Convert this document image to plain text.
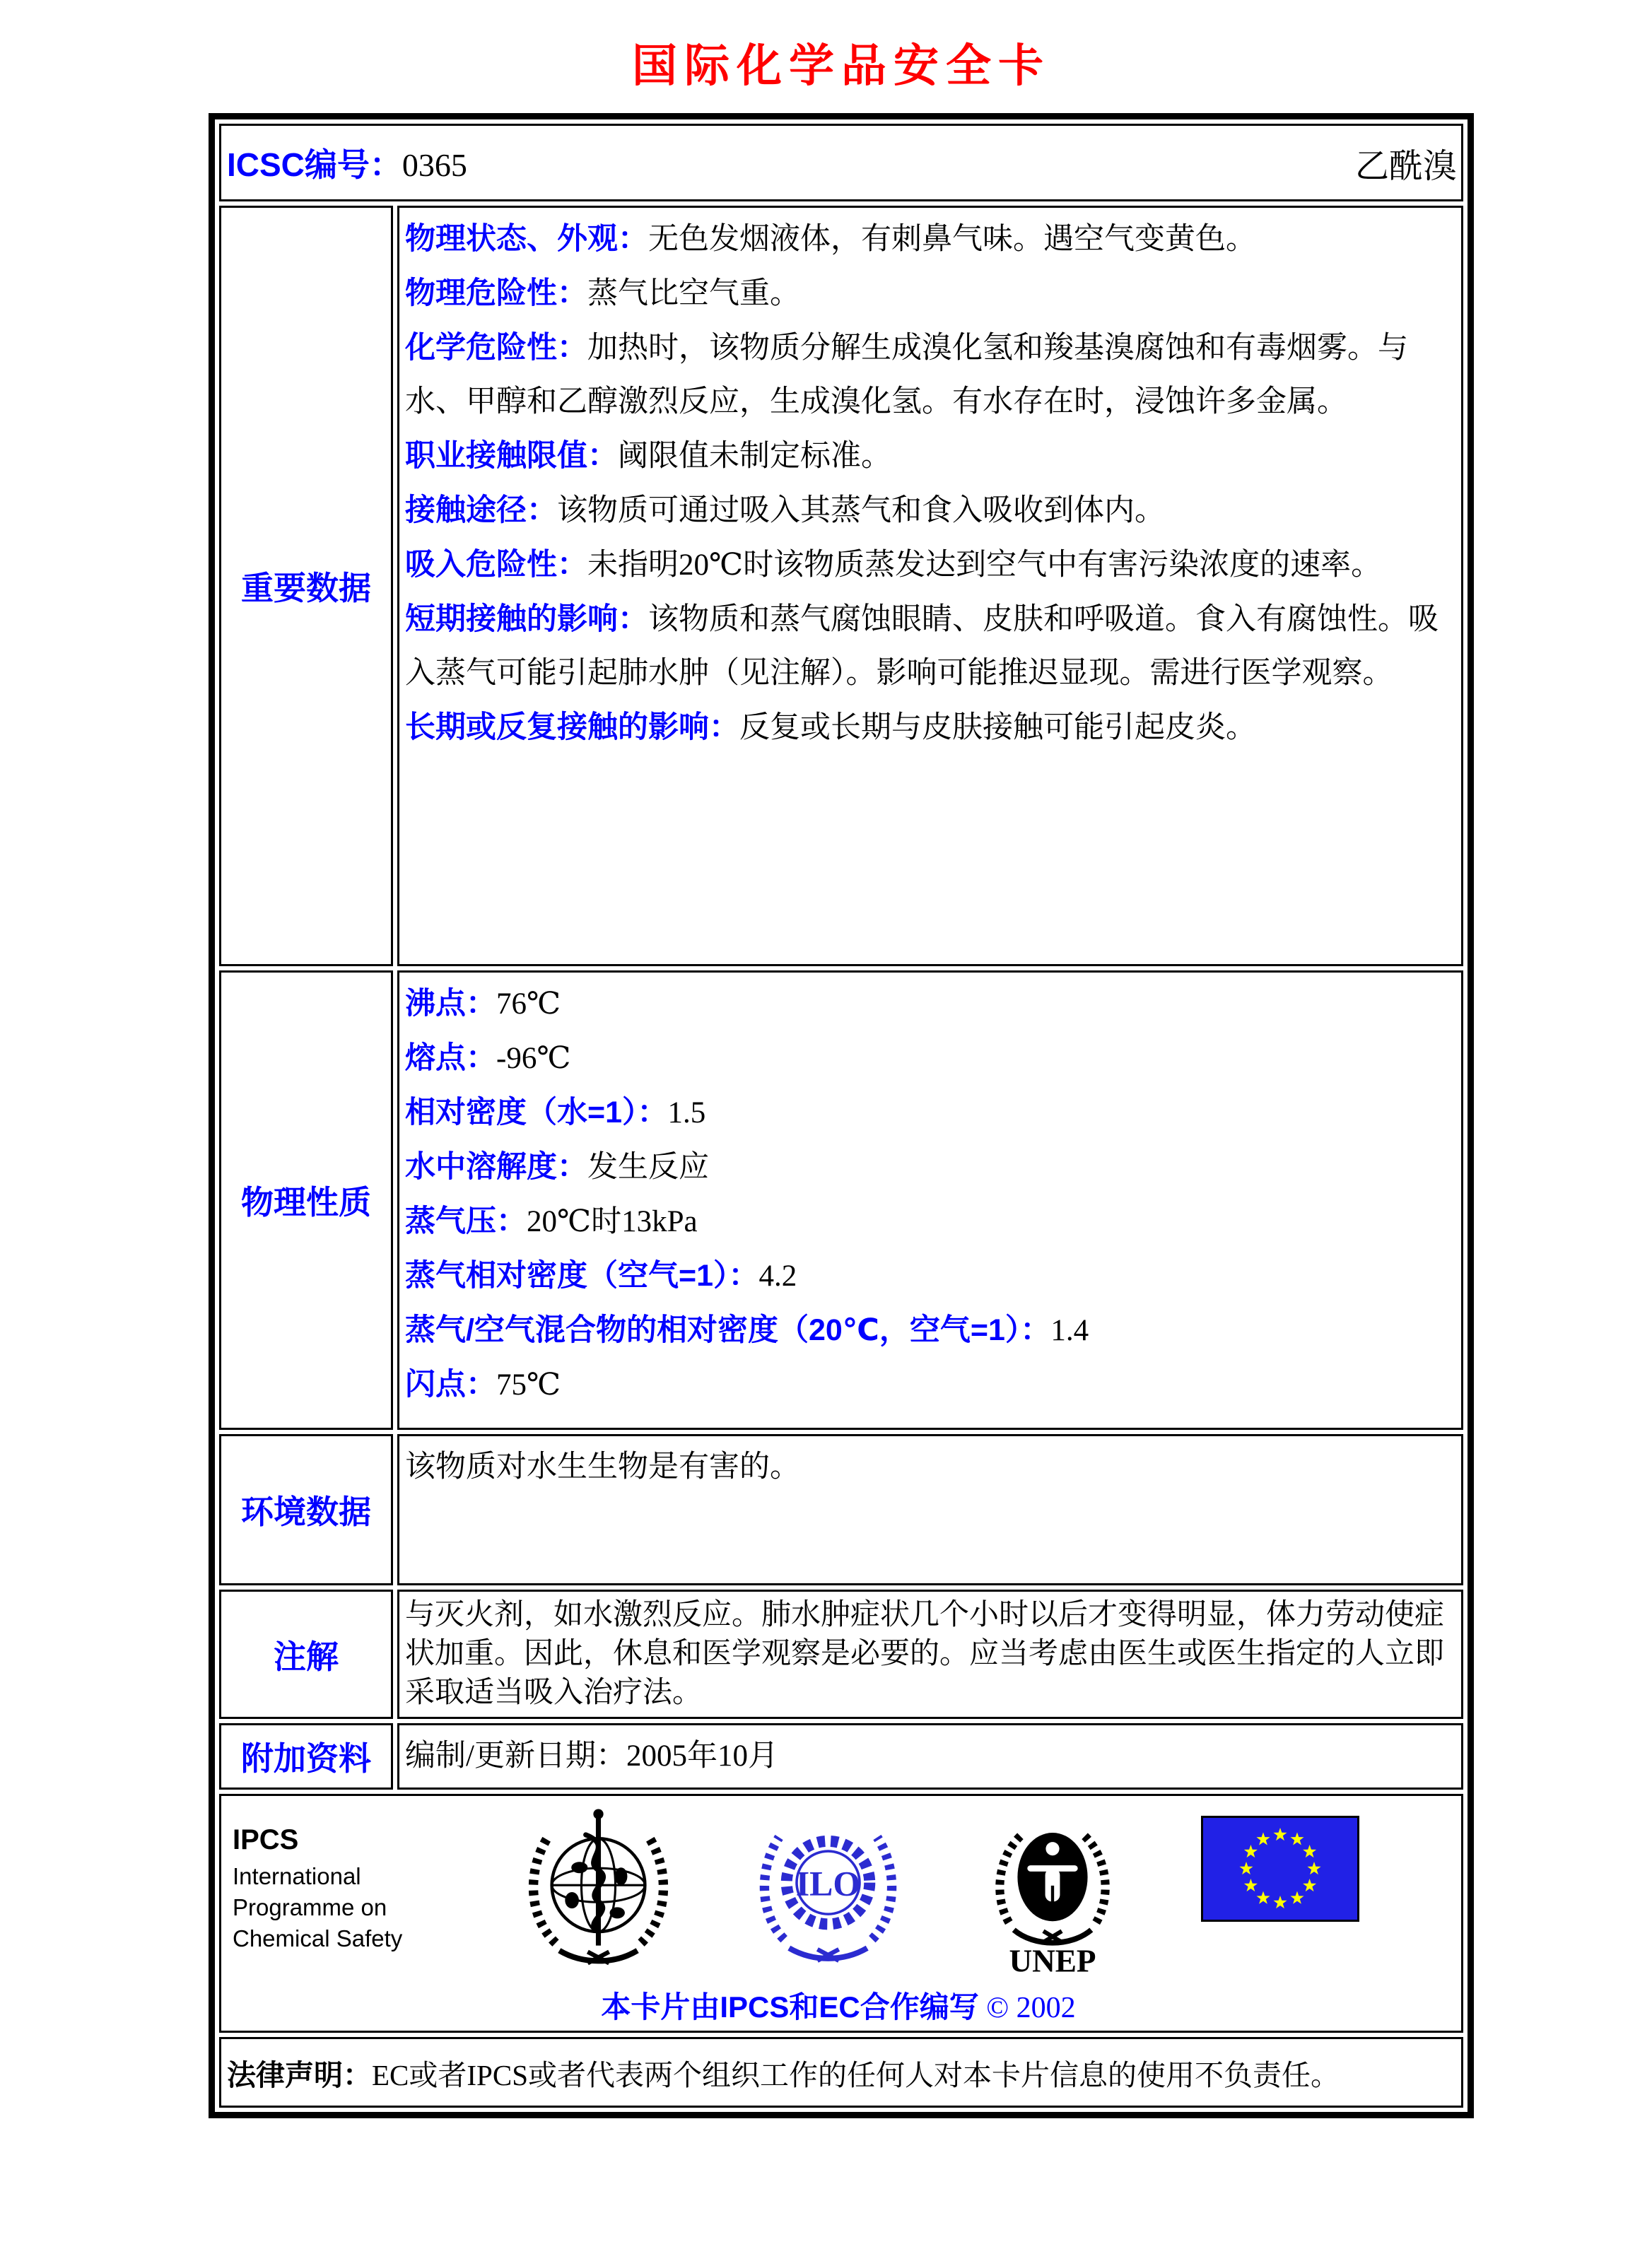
国际化学品安全卡
ICSC编号：0365 乙酰溴	

重要数据	

物理状态、外观：无色发烟液体，有刺鼻气味。遇空气变黄色。

物理危险性：蒸气比空气重。

化学危险性：加热时，该物质分解生成溴化氢和羧基溴腐蚀和有毒烟雾。与水、甲醇和乙醇激烈反应，生成溴化氢。有水存在时，浸蚀许多金属。

职业接触限值：阈限值未制定标准。

接触途径：该物质可通过吸入其蒸气和食入吸收到体内。

吸入危险性：未指明20℃时该物质蒸发达到空气中有害污染浓度的速率。

短期接触的影响：该物质和蒸气腐蚀眼睛、皮肤和呼吸道。食入有腐蚀性。吸入蒸气可能引起肺水肿（见注解）。影响可能推迟显现。需进行医学观察。

长期或反复接触的影响：反复或长期与皮肤接触可能引起皮炎。

物理性质	

沸点：76℃

熔点：-96℃

相对密度（水=1）：1.5

水中溶解度：发生反应

蒸气压：20℃时13kPa

蒸气相对密度（空气=1）：4.2

蒸气/空气混合物的相对密度（20℃，空气=1）：1.4

闪点：75℃

环境数据	该物质对水生生物是有害的。

注解	与灭火剂，如水激烈反应。肺水肿症状几个小时以后才变得明显，体力劳动使症状加重。因此，休息和医学观察是必要的。应当考虑由医生或医生指定的人立即采取适当吸入治疗法。

附加资料	编制/更新日期：2005年10月

IPCS
International
Programme on
Chemical Safety
ILO
UNEP
本卡片由IPCS和EC合作编写 © 2002

法律声明：EC或者IPCS或者代表两个组织工作的任何人对本卡片信息的使用不负责任。	
